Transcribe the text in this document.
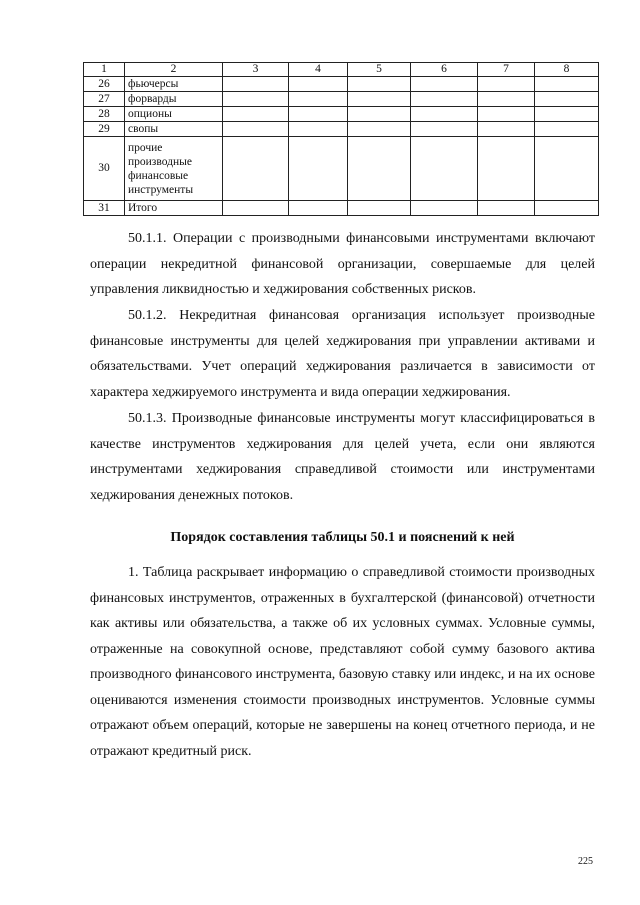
1	2	3	4	5	6	7	8
26	фьючерсы						
27	форварды						
28	опционы						
29	свопы						
30	прочие производные финансовые инструменты						
31	Итого						

50.1.1. Операции с производными финансовыми инструментами включают операции некредитной финансовой организации, совершаемые для целей управления ликвидностью и хеджирования собственных рисков.

50.1.2. Некредитная финансовая организация использует производные финансовые инструменты для целей хеджирования при управлении активами и обязательствами. Учет операций хеджирования различается в зависимости от характера хеджируемого инструмента и вида операции хеджирования.

50.1.3. Производные финансовые инструменты могут классифицироваться в качестве инструментов хеджирования для целей учета, если они являются инструментами хеджирования справедливой стоимости или инструментами хеджирования денежных потоков.

Порядок составления таблицы 50.1 и пояснений к ней

1. Таблица раскрывает информацию о справедливой стоимости производных финансовых инструментов, отраженных в бухгалтерской (финансовой) отчетности как активы или обязательства, а также об их условных суммах. Условные суммы, отраженные на совокупной основе, представляют собой сумму базового актива производного финансового инструмента, базовую ставку или индекс, и на их основе оцениваются изменения стоимости производных инструментов. Условные суммы отражают объем операций, которые не завершены на конец отчетного периода, и не отражают кредитный риск.

225
